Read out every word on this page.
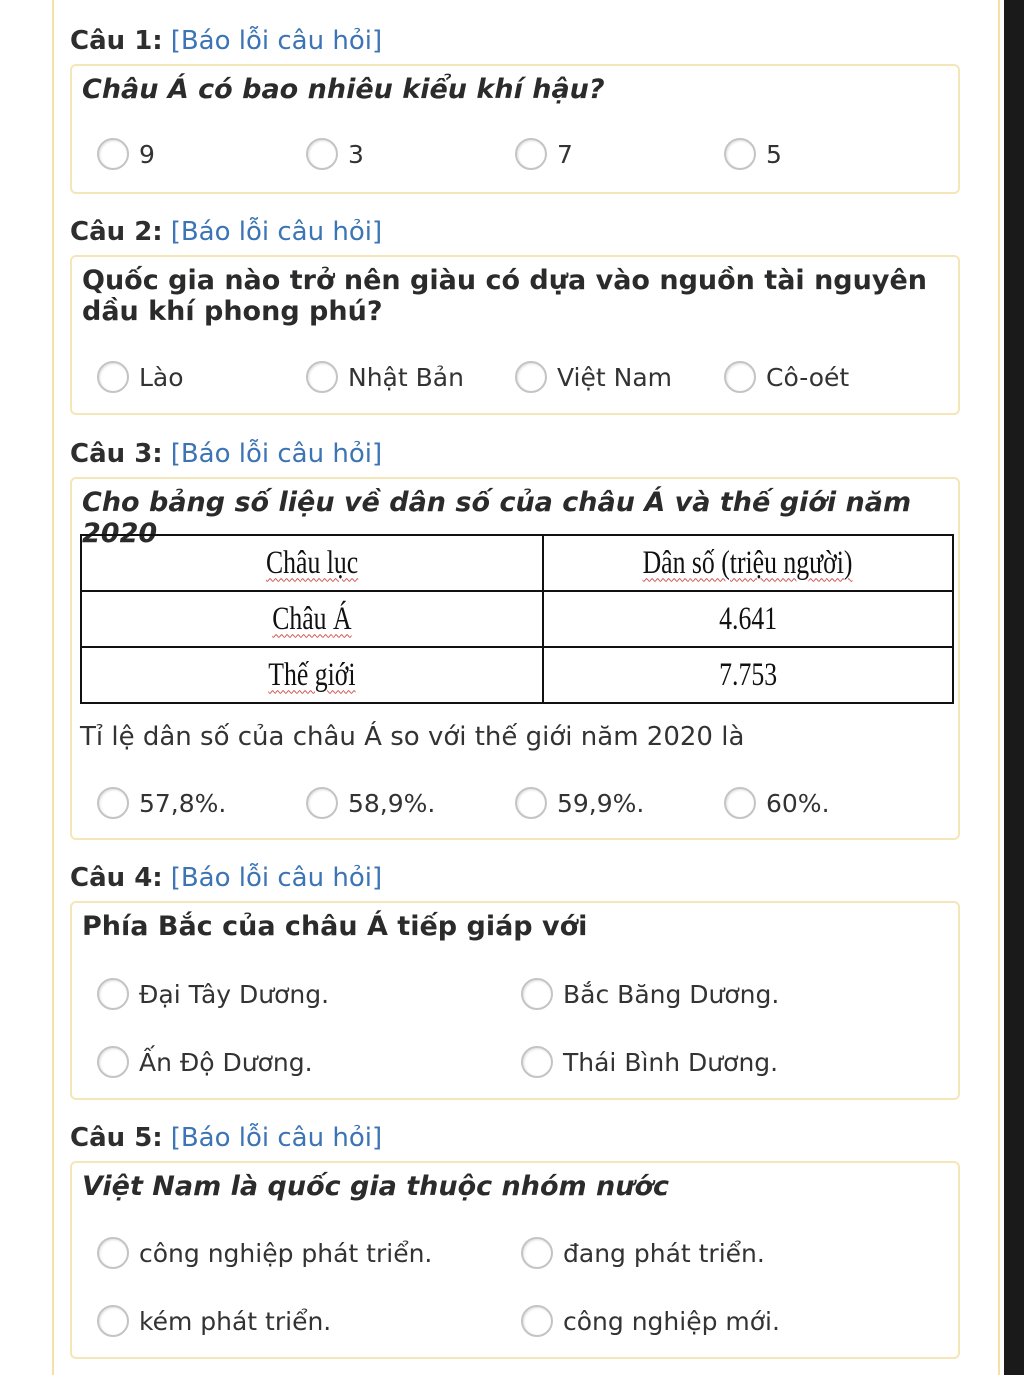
Câu 1: [Báo lỗi câu hỏi]
Châu Á có bao nhiêu kiểu khí hậu?
9	3	7	5
Câu 2: [Báo lỗi câu hỏi]
Quốc gia nào trở nên giàu có dựa vào nguồn tài nguyên dầu khí phong phú?
Lào	Nhật Bản	Việt Nam	Cô-oét
Câu 3: [Báo lỗi câu hỏi]
Cho bảng số liệu về dân số của châu Á và thế giới năm 2020
Châu lục	Dân số (triệu người)
Châu Á	4.641
Thế giới	7.753
Tỉ lệ dân số của châu Á so với thế giới năm 2020 là
57,8%.	58,9%.	59,9%.	60%.
Câu 4: [Báo lỗi câu hỏi]
Phía Bắc của châu Á tiếp giáp với
Đại Tây Dương.	Bắc Băng Dương.
Ấn Độ Dương.	Thái Bình Dương.
Câu 5: [Báo lỗi câu hỏi]
Việt Nam là quốc gia thuộc nhóm nước
công nghiệp phát triển.	đang phát triển.
kém phát triển.	công nghiệp mới.
